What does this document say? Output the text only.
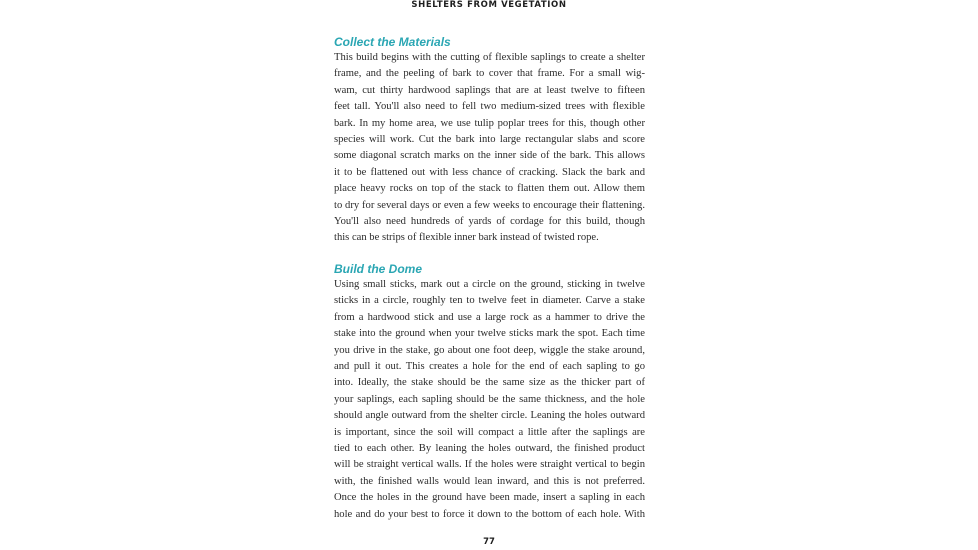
SHELTERS FROM VEGETATION
Collect the Materials

This build begins with the cutting of flexible saplings to create a shelter
frame, and the peeling of bark to cover that frame. For a small wig-
wam, cut thirty hardwood saplings that are at least twelve to fifteen
feet tall. You'll also need to fell two medium-sized trees with flexible
bark. In my home area, we use tulip poplar trees for this, though other
species will work. Cut the bark into large rectangular slabs and score
some diagonal scratch marks on the inner side of the bark. This allows
it to be flattened out with less chance of cracking. Slack the bark and
place heavy rocks on top of the stack to flatten them out. Allow them
to dry for several days or even a few weeks to encourage their flattening.
You'll also need hundreds of yards of cordage for this build, though
this can be strips of flexible inner bark instead of twisted rope.

Build the Dome

Using small sticks, mark out a circle on the ground, sticking in twelve
sticks in a circle, roughly ten to twelve feet in diameter. Carve a stake
from a hardwood stick and use a large rock as a hammer to drive the
stake into the ground when your twelve sticks mark the spot. Each time
you drive in the stake, go about one foot deep, wiggle the stake around,
and pull it out. This creates a hole for the end of each sapling to go
into. Ideally, the stake should be the same size as the thicker part of
your saplings, each sapling should be the same thickness, and the hole
should angle outward from the shelter circle. Leaning the holes outward
is important, since the soil will compact a little after the saplings are
tied to each other. By leaning the holes outward, the finished product
will be straight vertical walls. If the holes were straight vertical to begin
with, the finished walls would lean inward, and this is not preferred.
Once the holes in the ground have been made, insert a sapling in each
hole and do your best to force it down to the bottom of each hole. With

77
